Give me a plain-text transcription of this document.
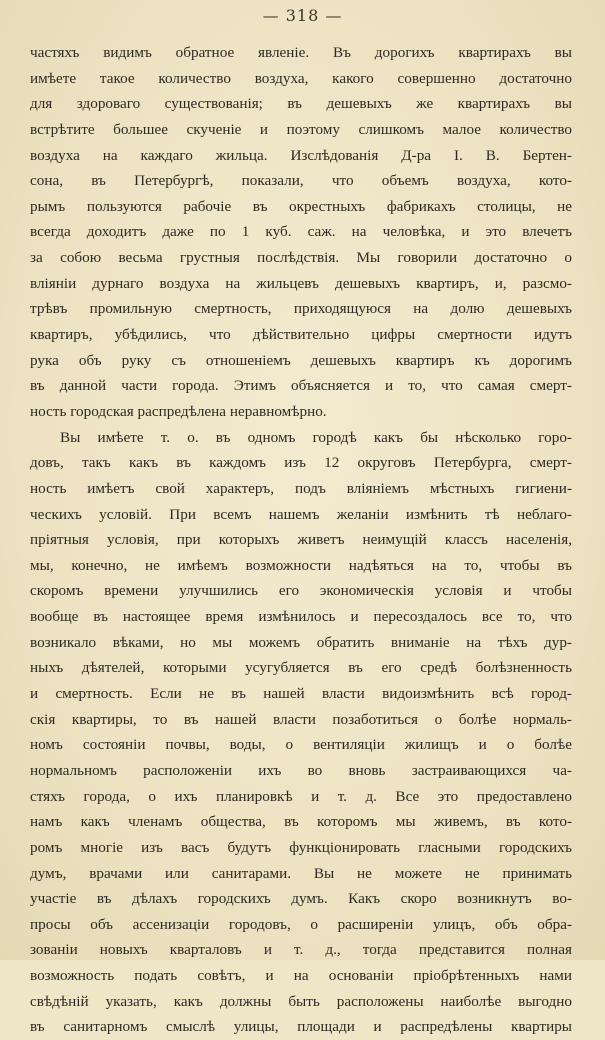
— 318 —
частяхъ видимъ обратное явленіе. Въ дорогихъ квартирахъ вы
имѣете такое количество воздуха, какого совершенно достаточно
для здороваго существованія; въ дешевыхъ же квартирахъ вы
встрѣтите большее скученіе и поэтому слишкомъ малое количество
воздуха на каждаго жильца. Изслѣдованія Д-ра І. В. Бертен-
сона, въ Петербургѣ, показали, что объемъ воздуха, кото-
рымъ пользуются рабочіе въ окрестныхъ фабрикахъ столицы, не
всегда доходитъ даже по 1 куб. саж. на человѣка, и это влечетъ
за собою весьма грустныя послѣдствія. Мы говорили достаточно о
вліяніи дурнаго воздуха на жильцевъ дешевыхъ квартиръ, и, разсмо-
трѣвъ промильную смертность, приходящуюся на долю дешевыхъ
квартиръ, убѣдились, что дѣйствительно цифры смертности идутъ
рука объ руку съ отношеніемъ дешевыхъ квартиръ къ дорогимъ
въ данной части города. Этимъ объясняется и то, что самая смерт-
ность городская распредѣлена неравномѣрно.
Вы имѣете т. о. въ одномъ городѣ какъ бы нѣсколько горо-
довъ, такъ какъ въ каждомъ изъ 12 округовъ Петербурга, смерт-
ность имѣетъ свой характеръ, подъ вліяніемъ мѣстныхъ гигиени-
ческихъ условій. При всемъ нашемъ желаніи измѣнить тѣ неблаго-
пріятныя условія, при которыхъ живетъ неимущій классъ населенія,
мы, конечно, не имѣемъ возможности надѣяться на то, чтобы въ
скоромъ времени улучшились его экономическія условія и чтобы
вообще въ настоящее время измѣнилось и пересоздалось все то, что
возникало вѣками, но мы можемъ обратить вниманіе на тѣхъ дур-
ныхъ дѣятелей, которыми усугубляется въ его средѣ болѣзненность
и смертность. Если не въ нашей власти видоизмѣнить всѣ город-
скія квартиры, то въ нашей власти позаботиться о болѣе нормаль-
номъ состояніи почвы, воды, о вентиляціи жилищъ и о болѣе
нормальномъ расположеніи ихъ во вновь застраивающихся ча-
стяхъ города, о ихъ планировкѣ и т. д. Все это предоставлено
намъ какъ членамъ общества, въ которомъ мы живемъ, въ кото-
ромъ многіе изъ васъ будутъ функціонировать гласными городскихъ
думъ, врачами или санитарами. Вы не можете не принимать
участіе въ дѣлахъ городскихъ думъ. Какъ скоро возникнутъ во-
просы объ ассенизаціи городовъ, о расширеніи улицъ, объ обра-
зованіи новыхъ кварталовъ и т. д., тогда представится полная
возможность подать совѣтъ, и на основаніи пріобрѣтенныхъ нами
свѣдѣній указать, какъ должны быть расположены наиболѣе выгодно
въ санитарномъ смыслѣ улицы, площади и распредѣлены квартиры
